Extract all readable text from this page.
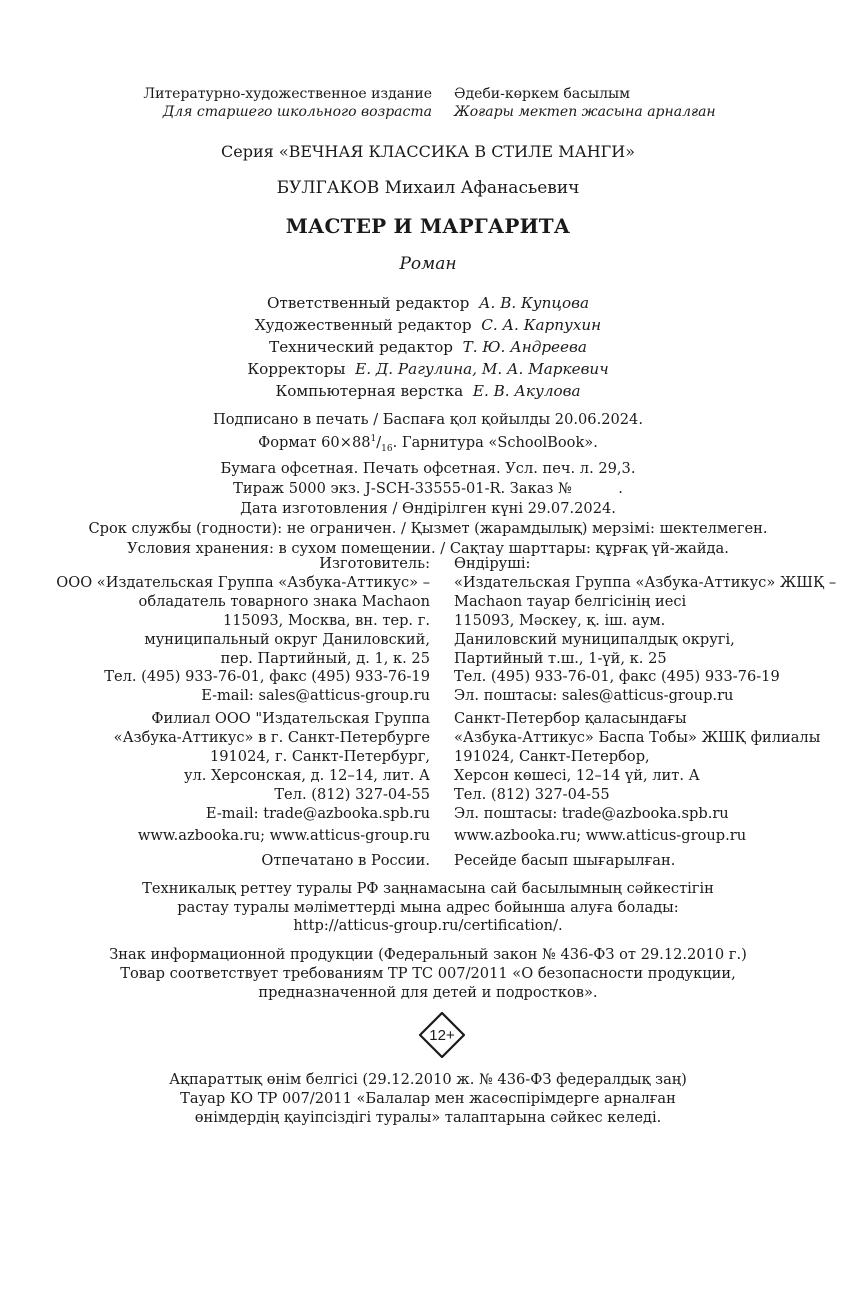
Литературно-художественное издание
Для старшего школьного возраста
Әдеби-көркем басылым
Жоғары мектеп жасына арналған
Серия «ВЕЧНАЯ КЛАССИКА В СТИЛЕ МАНГИ»
БУЛГАКОВ Михаил Афанасьевич
МАСТЕР И МАРГАРИТА
Роман
Ответственный редактор А. В. Купцова
Художественный редактор С. А. Карпухин
Технический редактор Т. Ю. Андреева
Корректоры Е. Д. Рагулина, М. А. Маркевич
Компьютерная верстка Е. В. Акулова
Подписано в печать / Баспаға қол қойылды 20.06.2024.
Формат $60\times 88^1/_{16}$. Гарнитура «SchoolBook».
Бумага офсетная. Печать офсетная. Усл. печ. л. 29,3.
Тираж 5000 экз. J-SCH-33555-01-R. Заказ №          .
Дата изготовления / Өндірілген күні 29.07.2024.
Срок службы (годности): не ограничен. / Қызмет (жарамдылық) мерзімі: шектелмеген.
Условия хранения: в сухом помещении. / Сақтау шарттары: құрғақ үй-жайда.
Изготовитель:
ООО «Издательская Группа «Азбука-Аттикус» –
обладатель товарного знака Machaon
115093, Москва, вн. тер. г.
муниципальный округ Даниловский,
пер. Партийный, д. 1, к. 25
Тел. (495) 933-76-01, факс (495) 933-76-19
E-mail: sales@atticus-group.ru
Өндіруші:
«Издательская Группа «Азбука-Аттикус» ЖШҚ –
Machaon тауар белгісінің иесі
115093, Мәскеу, қ. іш. аум.
Даниловский муниципалдық округі,
Партийный т.ш., 1-үй, к. 25
Тел. (495) 933-76-01, факс (495) 933-76-19
Эл. поштасы: sales@atticus-group.ru
Филиал ООО "Издательская Группа
«Азбука-Аттикус» в г. Санкт-Петербурге
191024, г. Санкт-Петербург,
ул. Херсонская, д. 12–14, лит. А
Тел. (812) 327-04-55
E-mail: trade@azbooka.spb.ru
Санкт-Петербор қаласындағы
«Азбука-Аттикус» Баспа Тобы» ЖШҚ филиалы
191024, Санкт-Петербор,
Херсон көшесі, 12–14 үй, лит. А
Тел. (812) 327-04-55
Эл. поштасы: trade@azbooka.spb.ru
www.azbooka.ru; www.atticus-group.ru www.azbooka.ru; www.atticus-group.ru
Отпечатано в России. Ресейде басып шығарылған.
Техникалық реттеу туралы РФ заңнамасына сай басылымның сәйкестігін
растау туралы мәліметтерді мына адрес бойынша алуға болады:
http://atticus-group.ru/certification/.
Знак информационной продукции (Федеральный закон № 436-ФЗ от 29.12.2010 г.)
Товар соответствует требованиям ТР ТС 007/2011 «О безопасности продукции,
предназначенной для детей и подростков».
12+
Ақпараттық өнім белгісі (29.12.2010 ж. № 436-ФЗ федералдық заң)
Тауар КО ТР 007/2011 «Балалар мен жасөспірімдерге арналған
өнімдердің қауіпсіздігі туралы» талаптарына сәйкес келеді.
